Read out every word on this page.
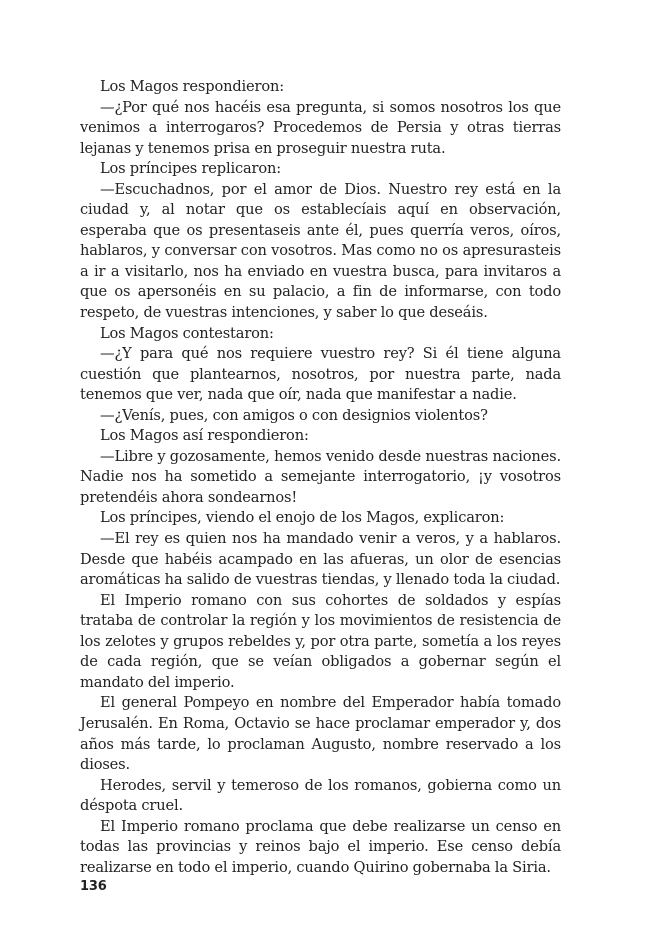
Los Magos respondieron:

—¿Por qué nos hacéis esa pregunta, si somos nosotros los que venimos a interrogaros? Procedemos de Persia y otras tierras lejanas y tenemos prisa en proseguir nuestra ruta.

Los príncipes replicaron:

—Escuchadnos, por el amor de Dios. Nuestro rey está en la ciudad y, al notar que os establecíais aquí en observación, esperaba que os presentaseis ante él, pues querría veros, oíros, hablaros, y conversar con vosotros. Mas como no os apresurasteis a ir a visitarlo, nos ha enviado en vuestra busca, para invitaros a que os apersonéis en su palacio, a fin de informarse, con todo respeto, de vuestras intenciones, y saber lo que deseáis.

Los Magos contestaron:

—¿Y para qué nos requiere vuestro rey? Si él tiene alguna cuestión que plantearnos, nosotros, por nuestra parte, nada tenemos que ver, nada que oír, nada que manifestar a nadie.

—¿Venís, pues, con amigos o con designios violentos?

Los Magos así respondieron:

—Libre y gozosamente, hemos venido desde nuestras naciones. Nadie nos ha sometido a semejante interrogatorio, ¡y vosotros pretendéis ahora sondearnos!

Los príncipes, viendo el enojo de los Magos, explicaron:

—El rey es quien nos ha mandado venir a veros, y a hablaros. Desde que habéis acampado en las afueras, un olor de esencias aromáticas ha salido de vuestras tiendas, y llenado toda la ciudad.

El Imperio romano con sus cohortes de soldados y espías trataba de controlar la región y los movimientos de resistencia de los zelotes y grupos rebeldes y, por otra parte, sometía a los reyes de cada región, que se veían obligados a gobernar según el mandato del imperio.

El general Pompeyo en nombre del Emperador había tomado Jerusalén. En Roma, Octavio se hace proclamar emperador y, dos años más tarde, lo proclaman Augusto, nombre reservado a los dioses.

Herodes, servil y temeroso de los romanos, gobierna como un déspota cruel.

El Imperio romano proclama que debe realizarse un censo en todas las provincias y reinos bajo el imperio. Ese censo debía realizarse en todo el imperio, cuando Quirino gobernaba la Siria.

136
